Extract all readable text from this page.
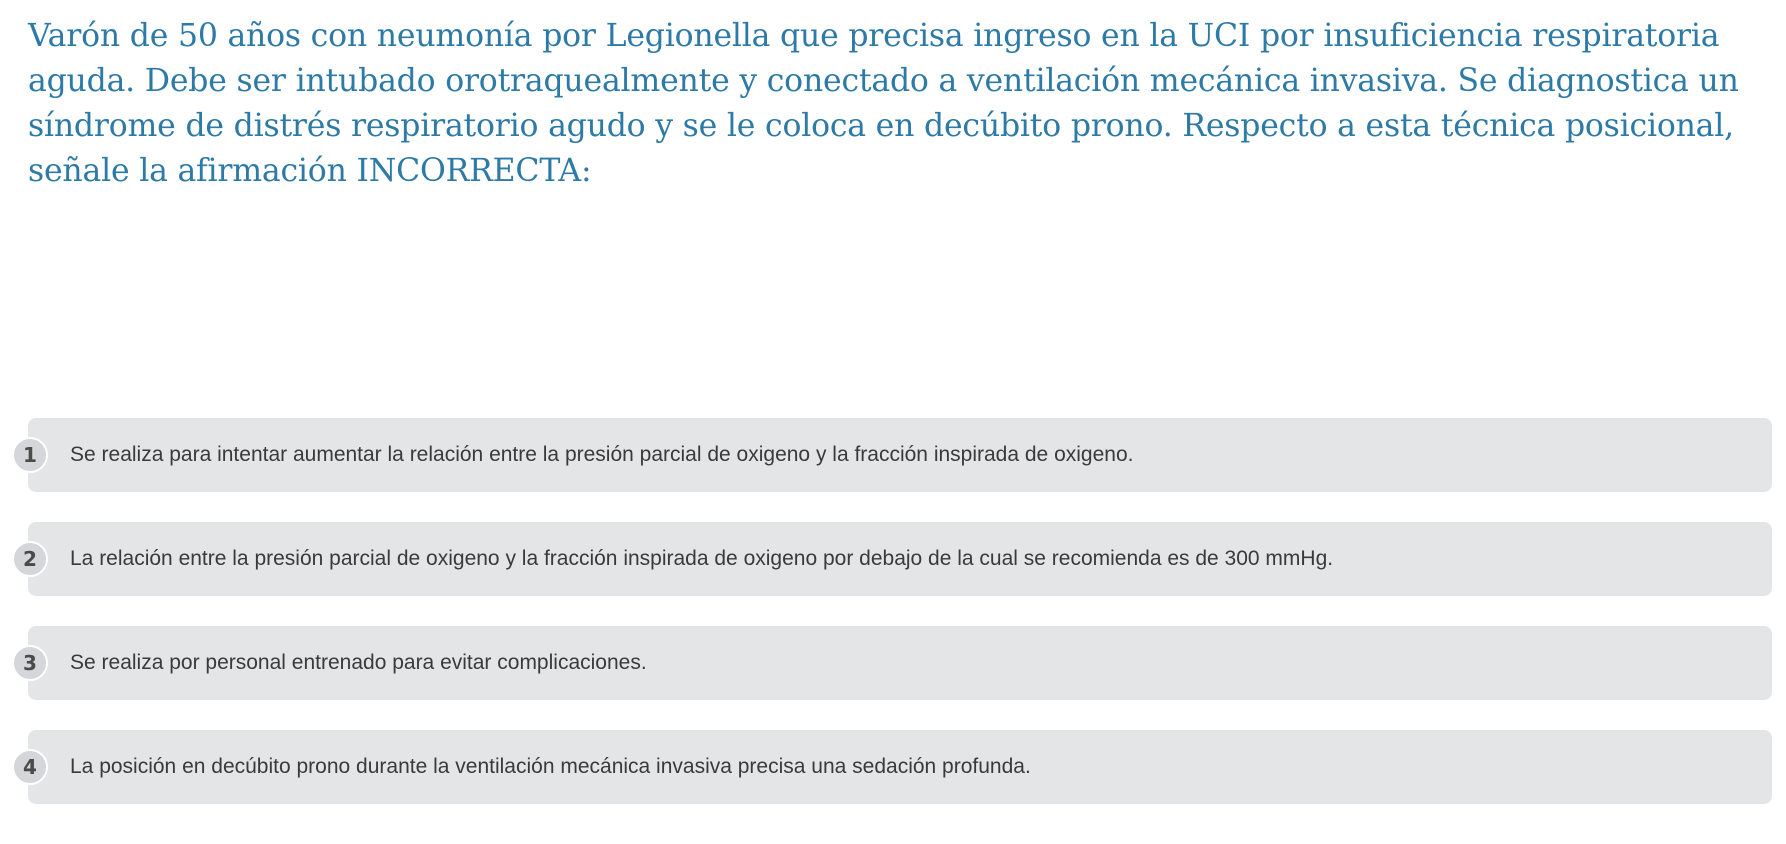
Varón de 50 años con neumonía por Legionella que precisa ingreso en la UCI por insuficiencia respiratoria aguda. Debe ser intubado orotraquealmente y conectado a ventilación mecánica invasiva. Se diagnostica un síndrome de distrés respiratorio agudo y se le coloca en decúbito prono. Respecto a esta técnica posicional, señale la afirmación INCORRECTA:

1	Se realiza para intentar aumentar la relación entre la presión parcial de oxigeno y la fracción inspirada de oxigeno.
2	La relación entre la presión parcial de oxigeno y la fracción inspirada de oxigeno por debajo de la cual se recomienda es de 300 mmHg.
3	Se realiza por personal entrenado para evitar complicaciones.
4	La posición en decúbito prono durante la ventilación mecánica invasiva precisa una sedación profunda.
